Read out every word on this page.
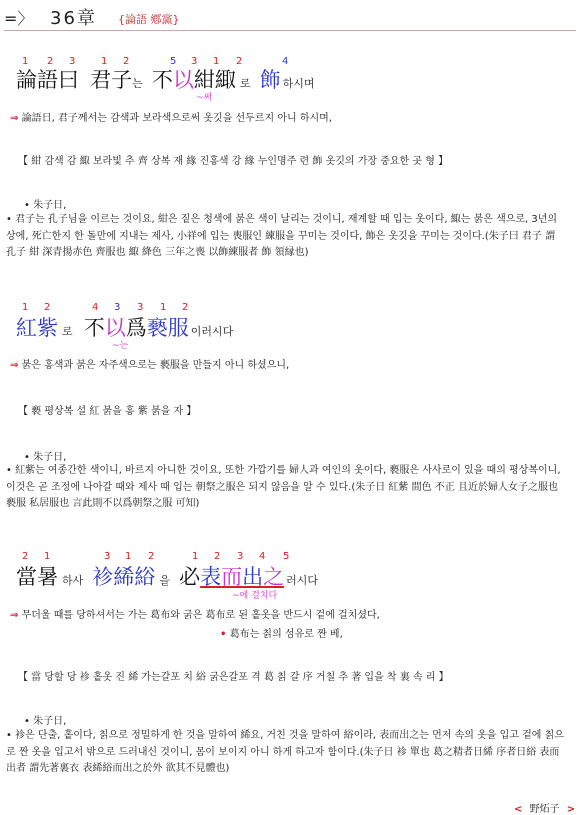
=〉 36章 {論語 鄕黨}
1 2 3	1 2	5 3 1 2	4
論語曰 君子는 不以紺緅 로 飾 하시며
~써
⇒ 論語日, 君子께서는 감색과 보라색으로써 옷깃을 선두르지 아니 하시며,
【 紺 감색 감 緅 보라빛 추 齊 상복 재 緣 진홍색 강 緣 누인명주 련 飾 옷깃의 가장 중요한 곳 형 】
• 朱子日,
• 君子는 孔子님을 이르는 것이요, 紺은 짙은 청색에 붉은 색이 날리는 것이니, 재계할 때 입는 옷이다, 緅는 붉은 색으로, 3년의 상에, 死亡한지 한 돌만에 지내는 제사, 小祥에 입는 喪服인 練服을 꾸미는 것이다, 飾은 옷깃을 꾸미는 것이다.(朱子曰 君子 謂孔子 紺 深青揚赤色 齊服也 緅 絳色 三年之喪 以飾練服者 飾 領縁也)
1 2	4 3 3 1 2
紅紫 로 不以爲褻服 이러시다
~는
⇒ 붉은 홍색과 붉은 자주색으로는 褻服을 만들지 아니 하셨으니,
【 褻 평상복 설 紅 붉을 홍 紫 붉을 자 】
• 朱子日,
• 紅紫는 여종간한 색이니, 바르지 아니한 것이요, 또한 가깝기를 婦人과 여인의 옷이다, 褻服은 사사로이 있을 때의 평상복이니, 이것은 곧 조정에 나아갈 때와 제사 때 입는 朝祭之服은 되지 않음을 알 수 있다.(朱子日 紅紫 間色 不正 且近於婦人女子之服也 褻服 私居服也 言此則不以爲朝祭之服 可知)
2 1	3 1 2	1 2 3 4 5
當暑 하사 袗絺綌 을 必表而出之 러시다
~에 걸치다
⇒ 무더울 때를 당하셔서는 가는 葛布와 굵은 葛布로 된 홑옷을 반드시 겉에 걸치셨다,
• 葛布는 칡의 섬유로 짠 베,
【 當 당할 당 袗 홑옷 진 絺 가는갈포 치 綌 굵은갈포 격 葛 칡 갈 序 거칠 추 著 입을 착 裏 속 리 】
• 朱子日,
• 袗은 단출, 홑이다, 칡으로 정밀하게 한 것을 말하여 絺요, 거친 것을 말하여 綌이라, 表而出之는 먼저 속의 옷을 입고 겉에 칡으로 짠 옷을 입고서 밖으로 드러내신 것이니, 몸이 보이지 아니 하게 하고자 함이다.(朱子日 袗 單也 葛之精者日絺 序者日綌 表而出者 謂先著裏衣 表絺綌而出之於外 欲其不見體也)
< 野炻子 >
